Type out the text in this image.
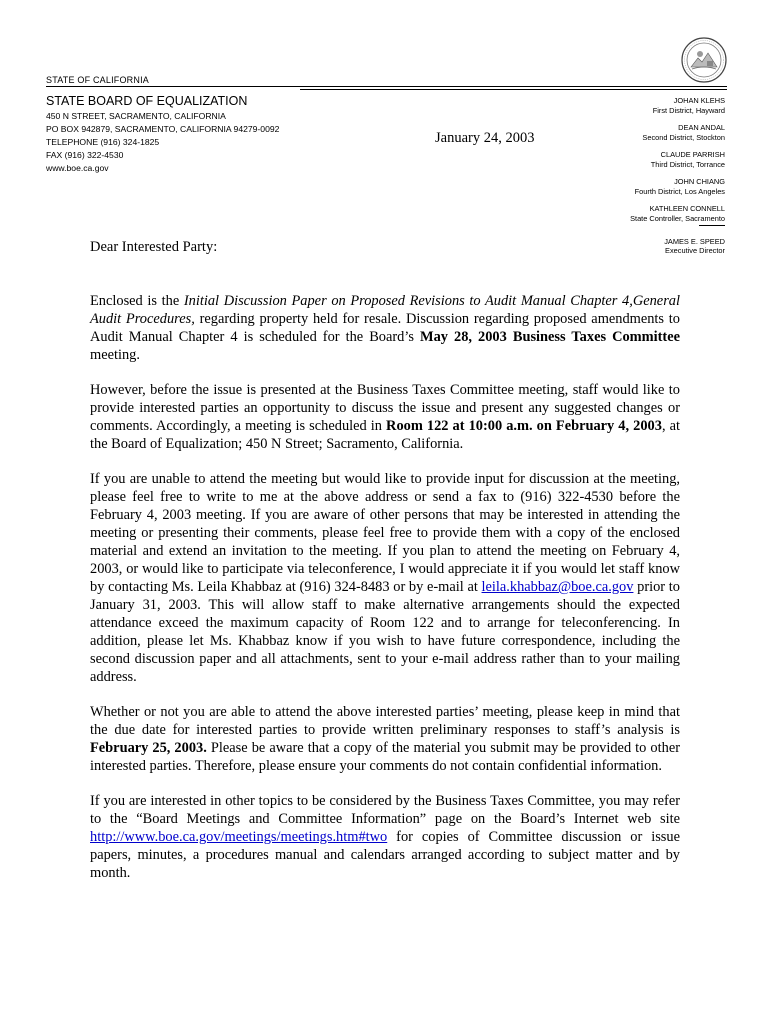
STATE OF CALIFORNIA
STATE BOARD OF EQUALIZATION
450 N STREET, SACRAMENTO, CALIFORNIA
PO BOX 942879, SACRAMENTO, CALIFORNIA 94279-0092
TELEPHONE (916) 324-1825
FAX (916) 322-4530
www.boe.ca.gov
January 24, 2003
JOHAN KLEHS
First District, Hayward
DEAN ANDAL
Second District, Stockton
CLAUDE PARRISH
Third District, Torrance
JOHN CHIANG
Fourth District, Los Angeles
KATHLEEN CONNELL
State Controller, Sacramento
JAMES E. SPEED
Executive Director
Dear Interested Party:

Enclosed is the Initial Discussion Paper on Proposed Revisions to Audit Manual Chapter 4,General Audit Procedures, regarding property held for resale. Discussion regarding proposed amendments to Audit Manual Chapter 4 is scheduled for the Board’s May 28, 2003 Business Taxes Committee meeting.

However, before the issue is presented at the Business Taxes Committee meeting, staff would like to provide interested parties an opportunity to discuss the issue and present any suggested changes or comments. Accordingly, a meeting is scheduled in Room 122 at 10:00 a.m. on February 4, 2003, at the Board of Equalization; 450 N Street; Sacramento, California.

If you are unable to attend the meeting but would like to provide input for discussion at the meeting, please feel free to write to me at the above address or send a fax to (916) 322-4530 before the February 4, 2003 meeting. If you are aware of other persons that may be interested in attending the meeting or presenting their comments, please feel free to provide them with a copy of the enclosed material and extend an invitation to the meeting. If you plan to attend the meeting on February 4, 2003, or would like to participate via teleconference, I would appreciate it if you would let staff know by contacting Ms. Leila Khabbaz at (916) 324-8483 or by e-mail at leila.khabbaz@boe.ca.gov prior to January 31, 2003. This will allow staff to make alternative arrangements should the expected attendance exceed the maximum capacity of Room 122 and to arrange for teleconferencing. In addition, please let Ms. Khabbaz know if you wish to have future correspondence, including the second discussion paper and all attachments, sent to your e-mail address rather than to your mailing address.

Whether or not you are able to attend the above interested parties’ meeting, please keep in mind that the due date for interested parties to provide written preliminary responses to staff’s analysis is February 25, 2003. Please be aware that a copy of the material you submit may be provided to other interested parties. Therefore, please ensure your comments do not contain confidential information.

If you are interested in other topics to be considered by the Business Taxes Committee, you may refer to the “Board Meetings and Committee Information” page on the Board’s Internet web site http://www.boe.ca.gov/meetings/meetings.htm#two for copies of Committee discussion or issue papers, minutes, a procedures manual and calendars arranged according to subject matter and by month.
